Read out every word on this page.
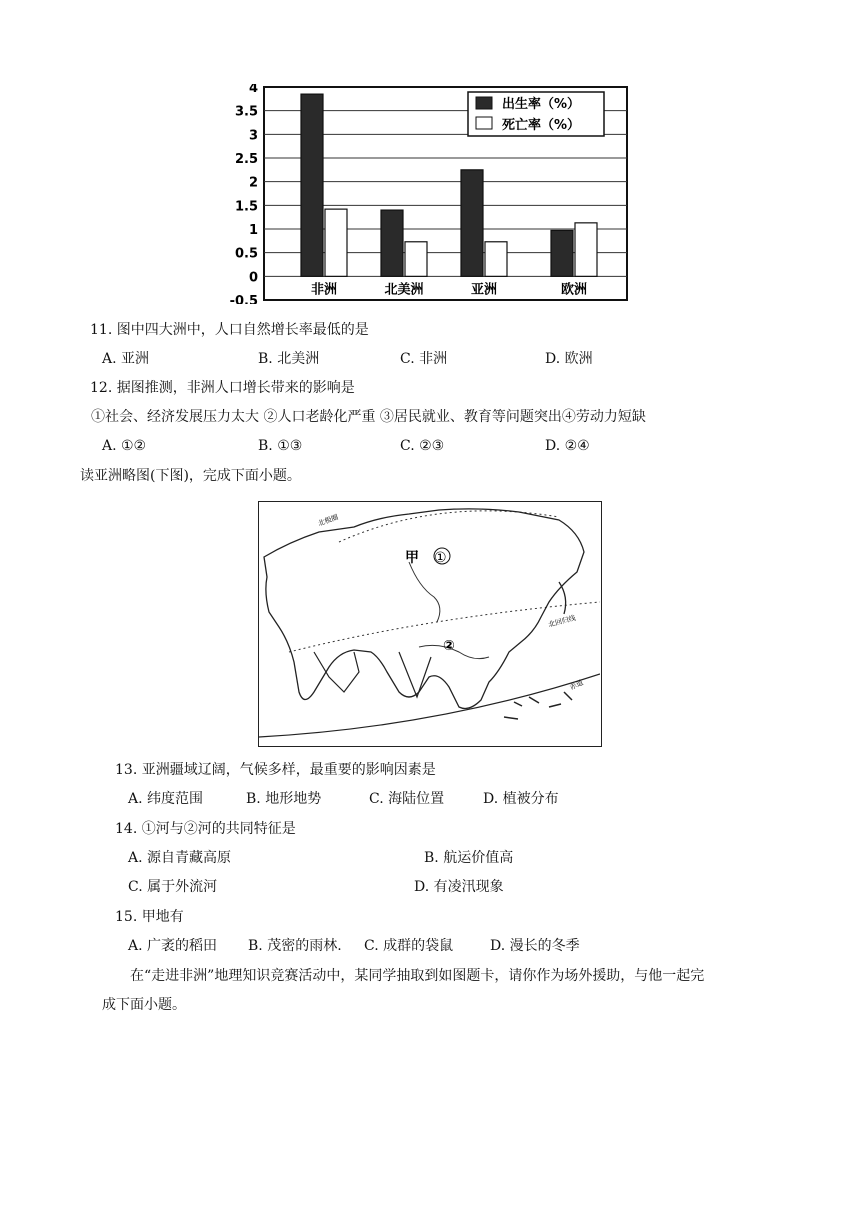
4
3.5
3
2.5
2
1.5
1
0.5
0
-0.5
非洲	北美洲	亚洲	欧洲
出生率（%）
死亡率（%）
11. 图中四大洲中，人口自然增长率最低的是
A. 亚洲	B. 北美洲	C. 非洲	D. 欧洲
12. 据图推测，非洲人口增长带来的影响是
①社会、经济发展压力太大 ②人口老龄化严重 ③居民就业、教育等问题突出④劳动力短缺
A. ①②	B. ①③	C. ②③	D. ②④
读亚洲略图(下图)，完成下面小题。
甲 ①
②
北极圈
北回归线
赤道
13. 亚洲疆域辽阔，气候多样，最重要的影响因素是
A. 纬度范围	B. 地形地势	C. 海陆位置	D. 植被分布
14. ①河与②河的共同特征是
A. 源自青藏高原	B. 航运价值高
C. 属于外流河	D. 有凌汛现象
15. 甲地有
A. 广袤的稻田 B. 茂密的雨林. C. 成群的袋鼠	D. 漫长的冬季
在“走进非洲”地理知识竞赛活动中，某同学抽取到如图题卡，请你作为场外援助，与他一起完
成下面小题。
